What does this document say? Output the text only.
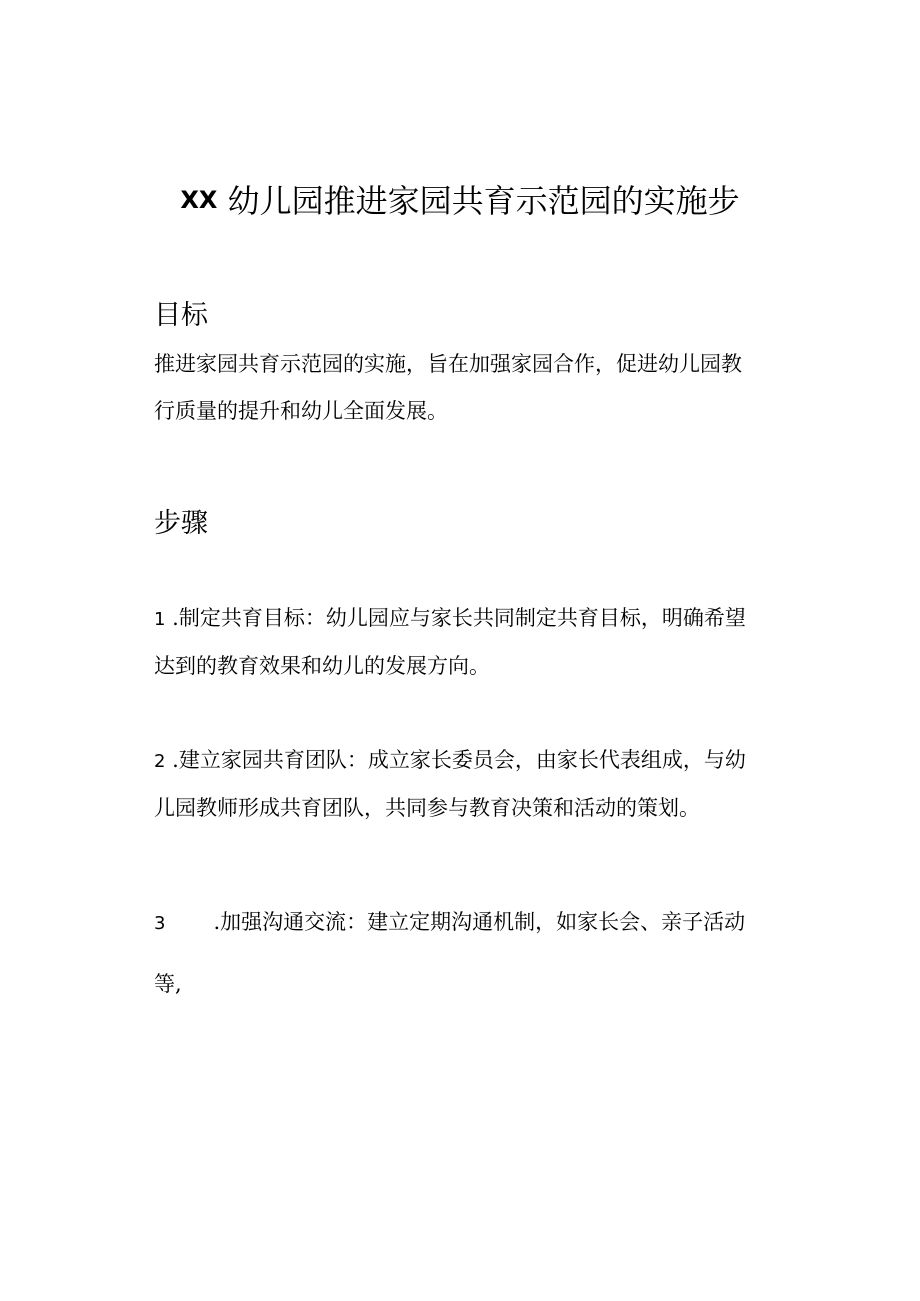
XX 幼儿园推进家园共育示范园的实施步
目标

推进家园共育示范园的实施，旨在加强家园合作，促进幼儿园教
行质量的提升和幼儿全面发展。

步骤

1 .制定共育目标：幼儿园应与家长共同制定共育目标，明确希望
达到的教育效果和幼儿的发展方向。

2 .建立家园共育团队：成立家长委员会，由家长代表组成，与幼
儿园教师形成共育团队，共同参与教育决策和活动的策划。

3 .加强沟通交流：建立定期沟通机制，如家长会、亲子活动
等,
